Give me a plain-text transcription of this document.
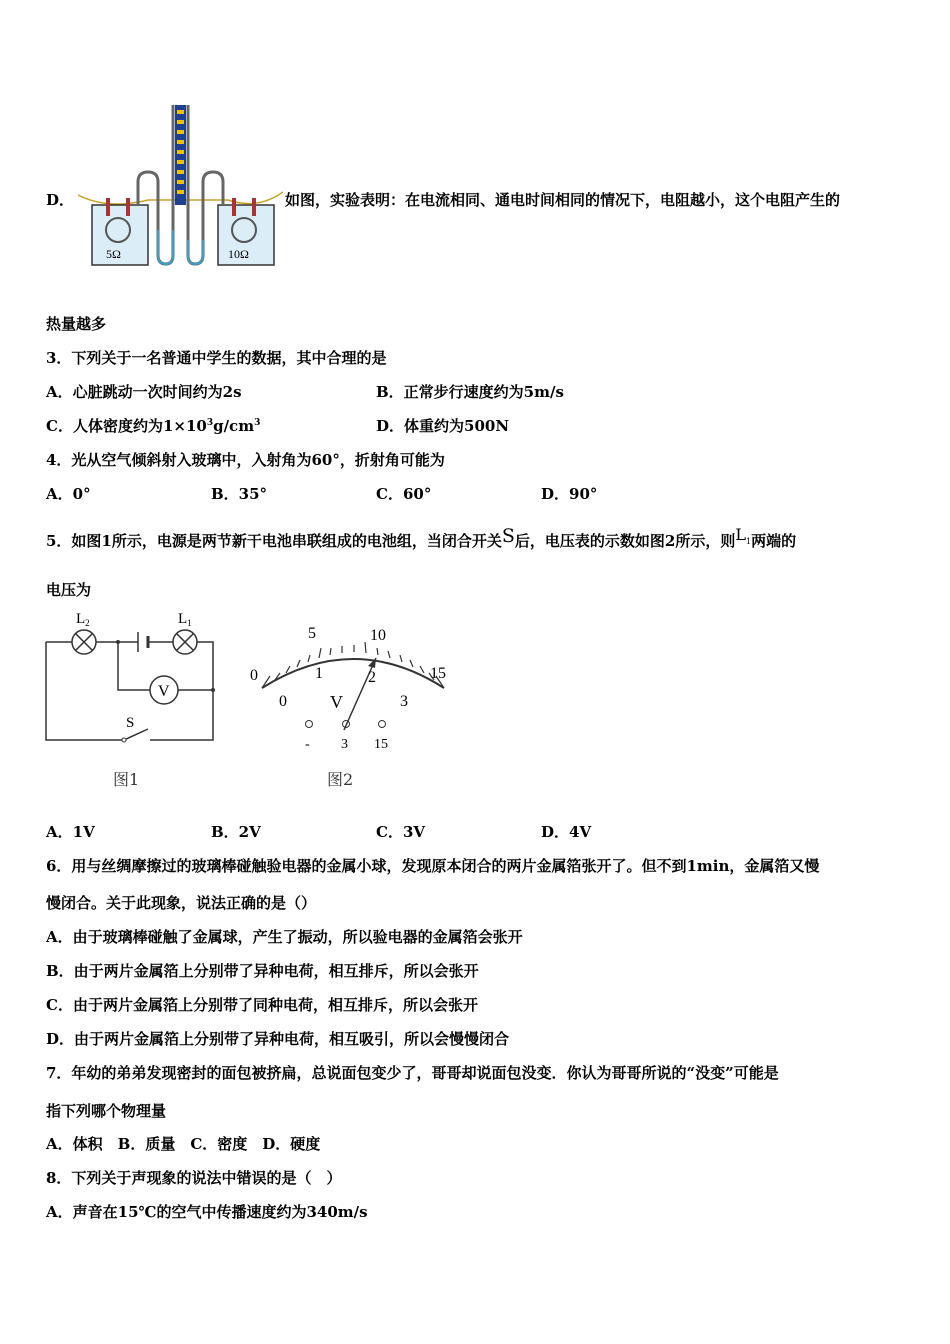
D．
5Ω	10Ω
如图，实验表明：在电流相同、通电时间相同的情况下，电阻越小，这个电阻产生的
热量越多
3．下列关于一名普通中学生的数据，其中合理的是
A．心脏跳动一次时间约为2s	B．正常步行速度约为5m/s
C．人体密度约为$1\times 10^3g/cm^3$	D．体重约为500N
4．光从空气倾斜射入玻璃中，入射角为60°，折射角可能为
A．0°	B．35°	C．60°	D．90°
5．如图1所示，电源是两节新干电池串联组成的电池组，当闭合开关S后，电压表的示数如图2所示，则$L_1$两端的
电压为
$L_2$	$L_1$
V
S
图1
0
5	10
15
0
1	2
3
V
- 3 15
图2
A．1V	B．2V	C．3V	D．4V
6．用与丝绸摩擦过的玻璃棒碰触验电器的金属小球，发现原本闭合的两片金属箔张开了。但不到1min，金属箔又慢
慢闭合。关于此现象，说法正确的是（）
A．由于玻璃棒碰触了金属球，产生了振动，所以验电器的金属箔会张开
B．由于两片金属箔上分别带了异种电荷，相互排斥，所以会张开
C．由于两片金属箔上分别带了同种电荷，相互排斥，所以会张开
D．由于两片金属箔上分别带了异种电荷，相互吸引，所以会慢慢闭合
7．年幼的弟弟发现密封的面包被挤扁，总说面包变少了，哥哥却说面包没变．你认为哥哥所说的“没变”可能是
指下列哪个物理量
A．体积　B．质量　C．密度　D．硬度
8．下列关于声现象的说法中错误的是（　）
A．声音在15℃的空气中传播速度约为340m/s
